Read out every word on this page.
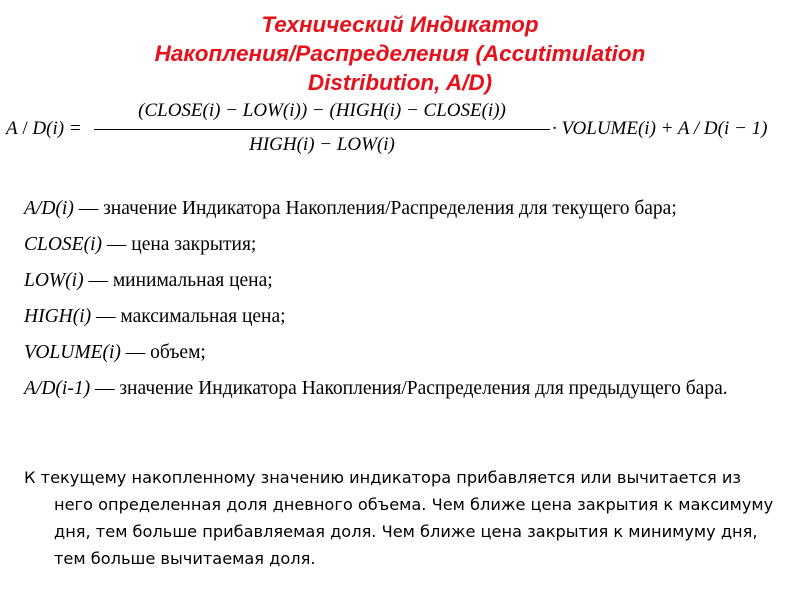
Технический Индикатор
Накопления/Распределения (Accutimulation
Distribution, A/D)
A / D(i) =
(CLOSE(i) − LOW(i)) − (HIGH(i) − CLOSE(i))
HIGH(i) − LOW(i)
· VOLUME(i) + A / D(i − 1)
A/D(i) — значение Индикатора Накопления/Распределения для текущего бара;
CLOSE(i) — цена закрытия;
LOW(i) — минимальная цена;
HIGH(i) — максимальная цена;
VOLUME(i) — объем;
A/D(i-1) — значение Индикатора Накопления/Распределения для предыдущего бара.
К текущему накопленному значению индикатора прибавляется или вычитается из него определенная доля дневного объема. Чем ближе цена закрытия к максимуму дня, тем больше прибавляемая доля. Чем ближе цена закрытия к минимуму дня, тем больше вычитаемая доля.
